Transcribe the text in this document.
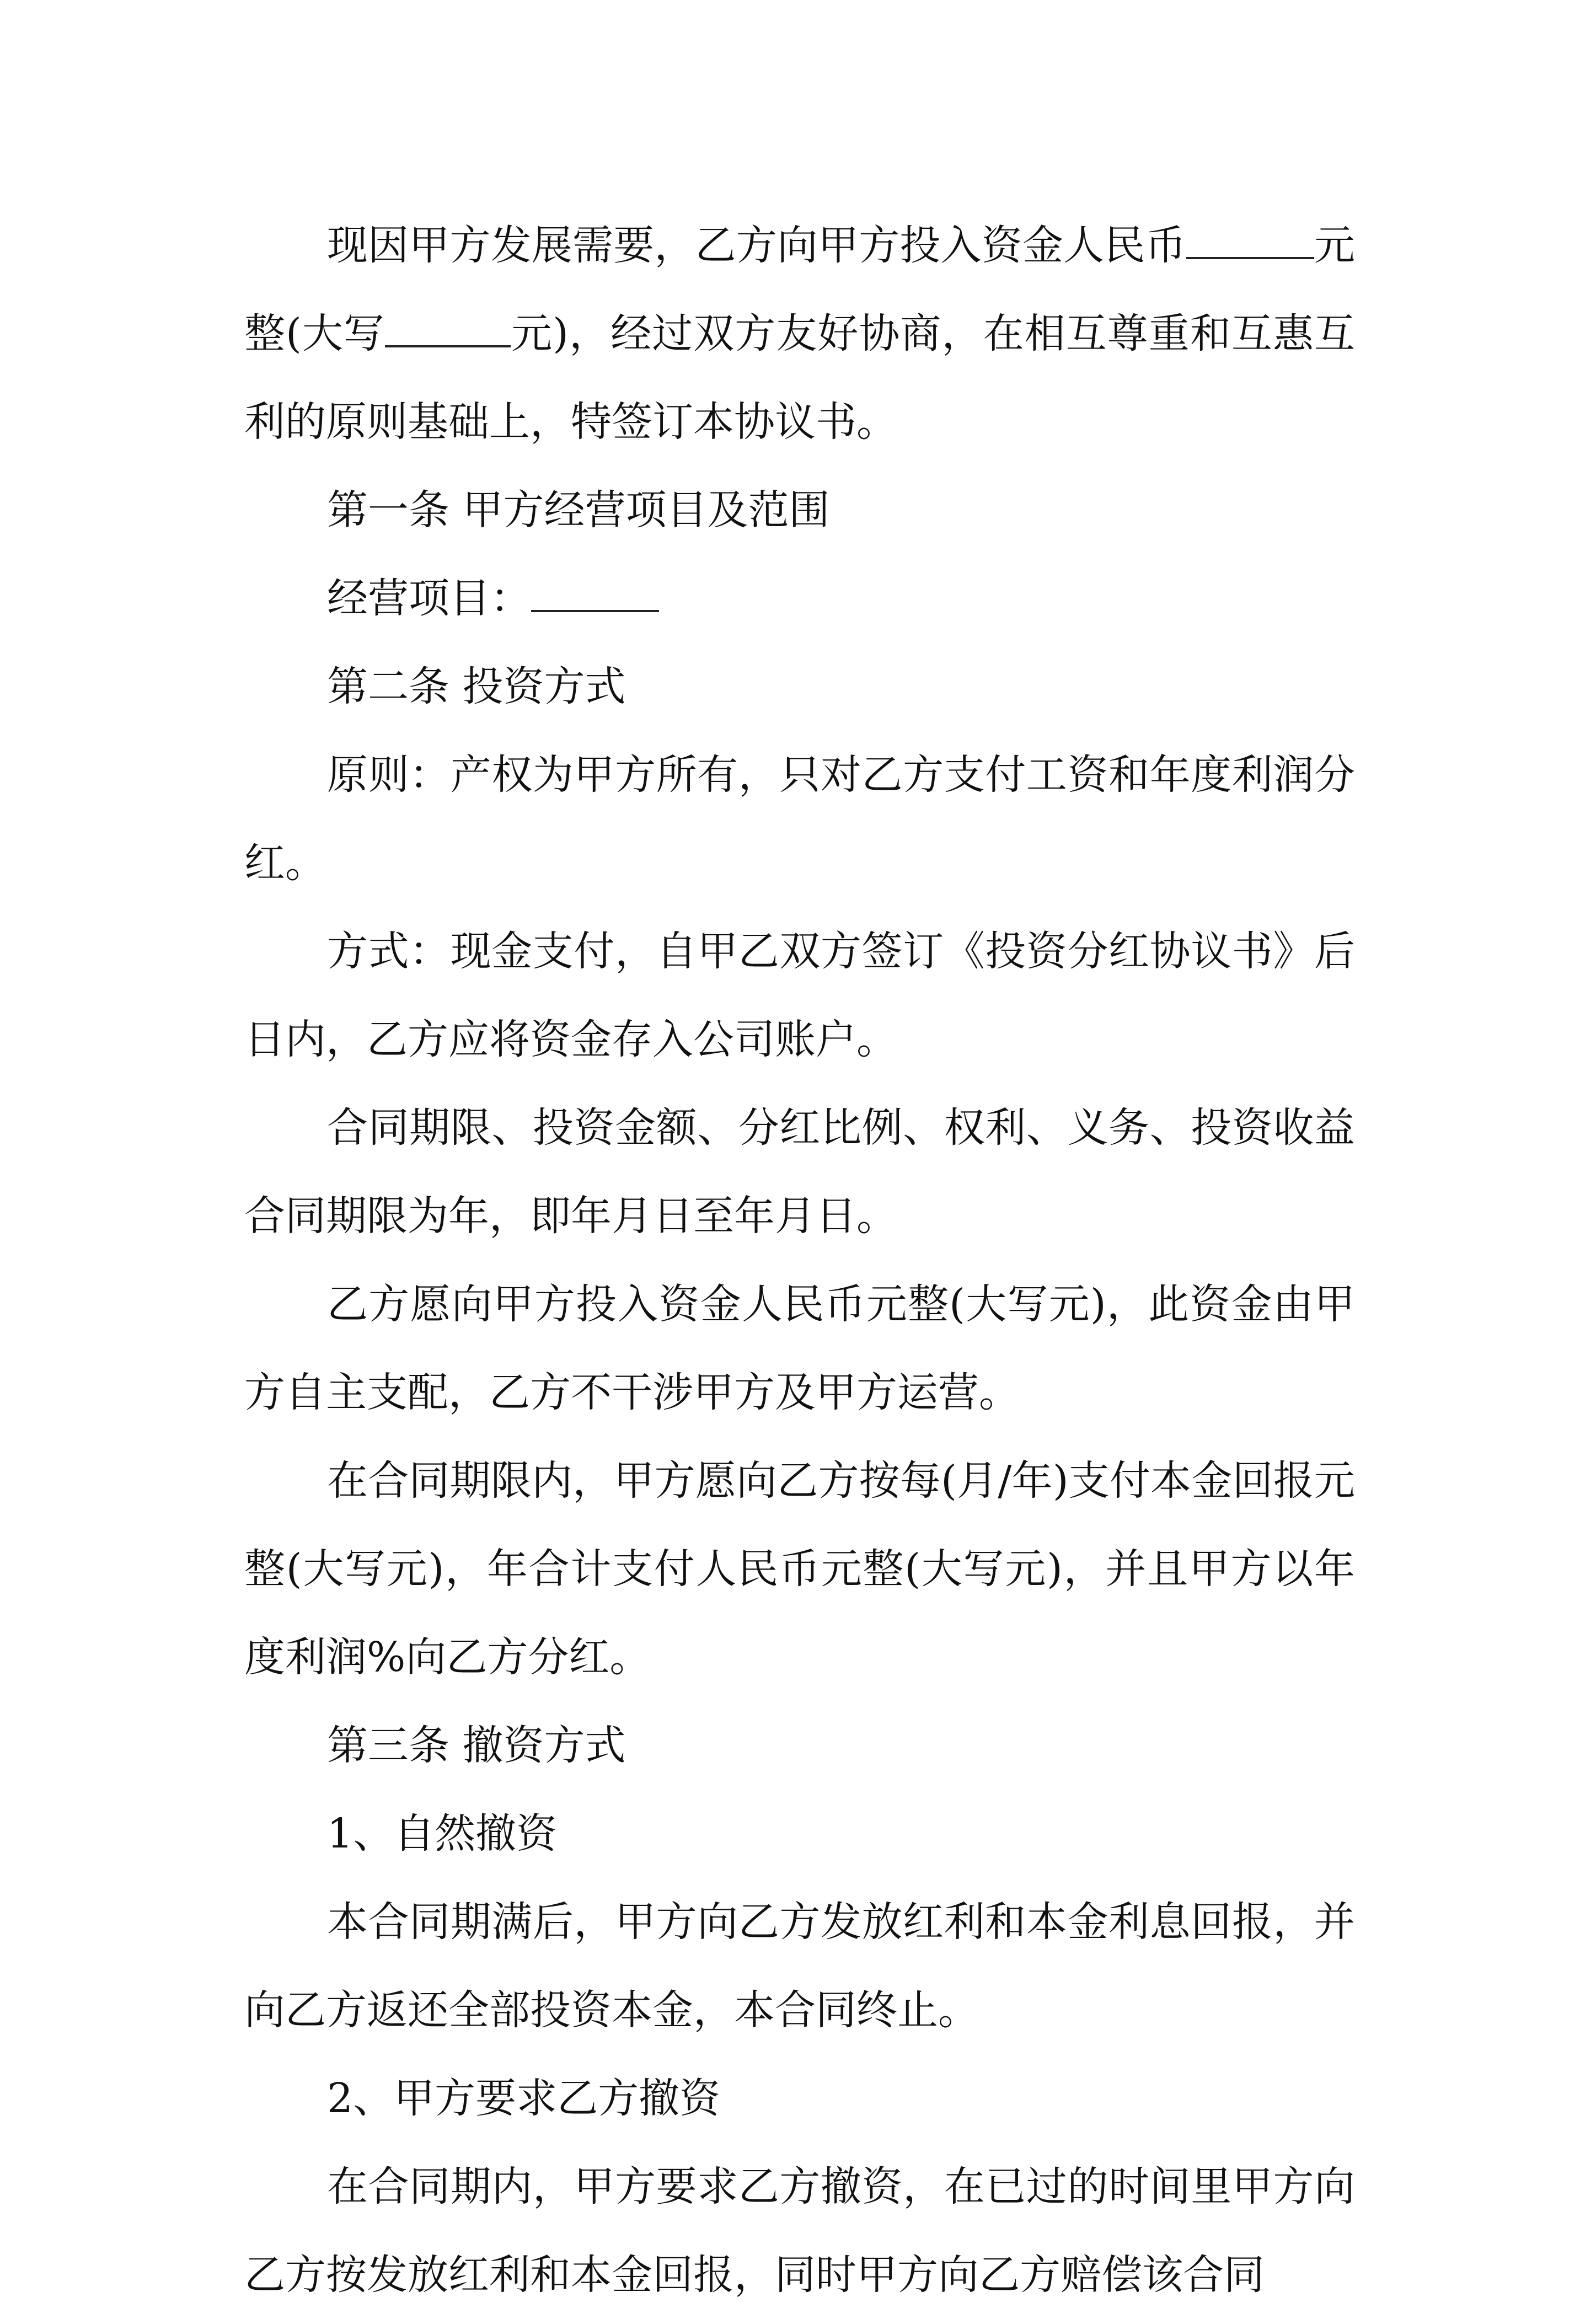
现因甲方发展需要，乙方向甲方投入资金人民币	元整(大写	元)，经过双方友好协商，在相互尊重和互惠互利的原则基础上，特签订本协议书。

第一条 甲方经营项目及范围

经营项目：

第二条 投资方式

原则：产权为甲方所有，只对乙方支付工资和年度利润分红。

方式：现金支付，自甲乙双方签订《投资分红协议书》后日内，乙方应将资金存入公司账户。

合同期限、投资金额、分红比例、权利、义务、投资收益合同期限为年，即年月日至年月日。

乙方愿向甲方投入资金人民币元整(大写元)，此资金由甲方自主支配，乙方不干涉甲方及甲方运营。

在合同期限内，甲方愿向乙方按每(月/年)支付本金回报元整(大写元)，年合计支付人民币元整(大写元)，并且甲方以年度利润%向乙方分红。

第三条 撤资方式

1、自然撤资

本合同期满后，甲方向乙方发放红利和本金利息回报，并向乙方返还全部投资本金，本合同终止。

2、甲方要求乙方撤资

在合同期内，甲方要求乙方撤资，在已过的时间里甲方向乙方按发放红利和本金回报，同时甲方向乙方赔偿该合同
